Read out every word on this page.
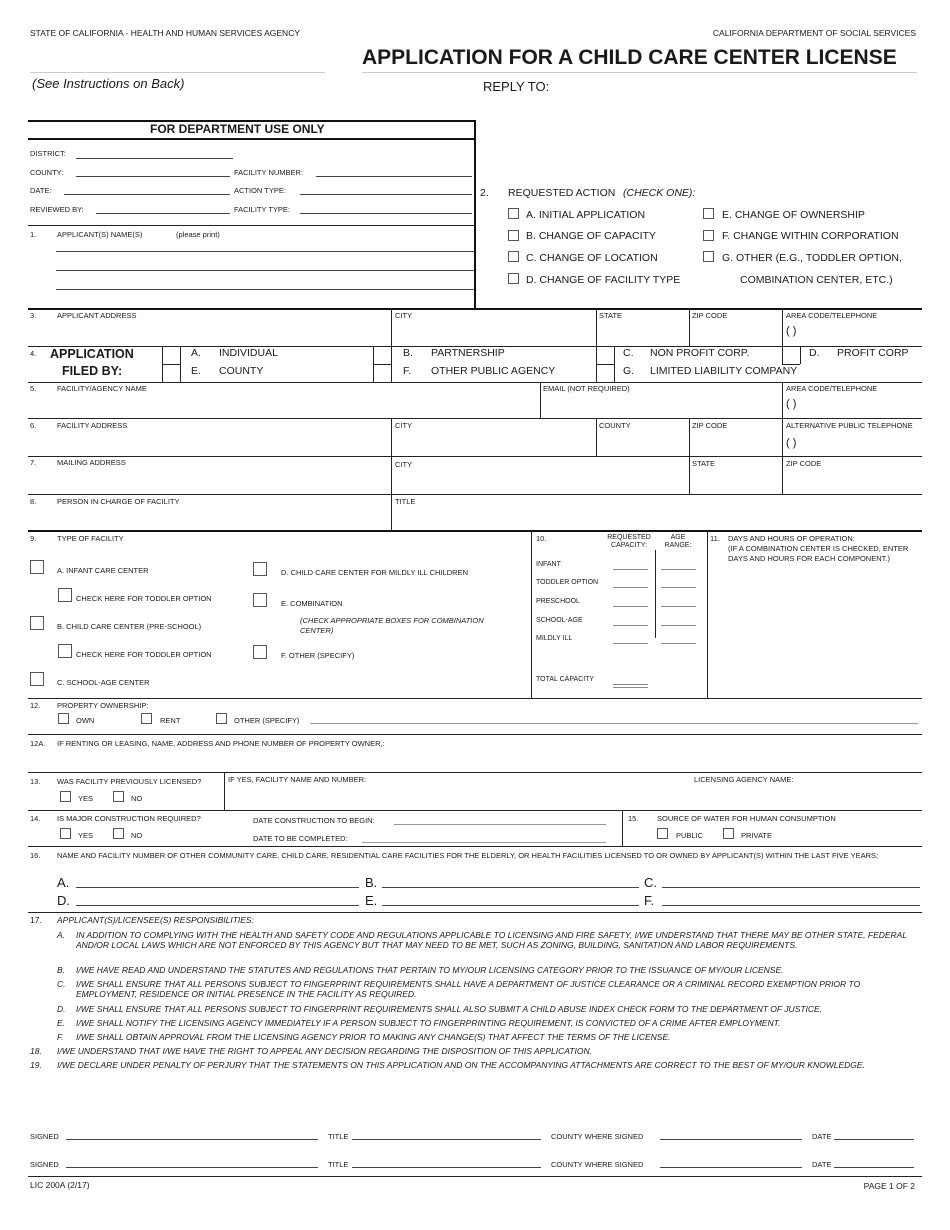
STATE OF CALIFORNIA - HEALTH AND HUMAN SERVICES AGENCY	CALIFORNIA DEPARTMENT OF SOCIAL SERVICES
APPLICATION FOR A CHILD CARE CENTER LICENSE
(See Instructions on Back)	REPLY TO:
FOR DEPARTMENT USE ONLY
DISTRICT:
COUNTY:	FACILITY NUMBER:
DATE:	ACTION TYPE:
REVIEWED BY:	FACILITY TYPE:
1.	APPLICANT(S) NAME(S)	(please print)
2. REQUESTED ACTION (CHECK ONE):
A. INITIAL APPLICATION
B. CHANGE OF CAPACITY
C. CHANGE OF LOCATION
D. CHANGE OF FACILITY TYPE
E. CHANGE OF OWNERSHIP
F. CHANGE WITHIN CORPORATION
G. OTHER (E.G., TODDLER OPTION,
COMBINATION CENTER, ETC.)
3.	APPLICANT ADDRESS	CITY	STATE	ZIP CODE	AREA CODE/TELEPHONE
( )
4. APPLICATION
FILED BY:
A. INDIVIDUAL
E. COUNTY
B. PARTNERSHIP
F. OTHER PUBLIC AGENCY
C. NON PROFIT CORP.
G. LIMITED LIABILITY COMPANY
D. PROFIT CORP
5.	FACILITY/AGENCY NAME	EMAIL (NOT REQUIRED)	AREA CODE/TELEPHONE
( )
6.	FACILITY ADDRESS	CITY	COUNTY	ZIP CODE	ALTERNATIVE PUBLIC TELEPHONE
( )
7.	MAILING ADDRESS	CITY	STATE	ZIP CODE
8.	PERSON IN CHARGE OF FACILITY	TITLE
9.	TYPE OF FACILITY
A. INFANT CARE CENTER
CHECK HERE FOR TODDLER OPTION
B. CHILD CARE CENTER (PRE-SCHOOL)
CHECK HERE FOR TODDLER OPTION
C. SCHOOL-AGE CENTER
D. CHILD CARE CENTER FOR MILDLY ILL CHILDREN
E. COMBINATION
(CHECK APPROPRIATE BOXES FOR COMBINATION CENTER)
F. OTHER (SPECIFY)
10.	REQUESTED CAPACITY:
AGE RANGE:
INFANT
TODDLER OPTION
PRESCHOOL
SCHOOL-AGE
MILDLY ILL
TOTAL CAPACITY
11. DAYS AND HOURS OF OPERATION:
(IF A COMBINATION CENTER IS CHECKED, ENTER DAYS AND HOURS FOR EACH COMPONENT.)
12. PROPERTY OWNERSHIP:
OWN	RENT	OTHER (SPECIFY)
12A. IF RENTING OR LEASING, NAME, ADDRESS AND PHONE NUMBER OF PROPERTY OWNER,:
13. WAS FACILITY PREVIOUSLY LICENSED?
YES	NO
IF YES, FACILITY NAME AND NUMBER:	LICENSING AGENCY NAME:
14. IS MAJOR CONSTRUCTION REQUIRED?
YES	NO
DATE CONSTRUCTION TO BEGIN:
DATE TO BE COMPLETED:
15. SOURCE OF WATER FOR HUMAN CONSUMPTION
PUBLIC	PRIVATE
16. NAME AND FACILITY NUMBER OF OTHER COMMUNITY CARE, CHILD CARE, RESIDENTIAL CARE FACILITIES FOR THE ELDERLY, OR HEALTH FACILITIES LICENSED TO OR OWNED BY APPLICANT(S) WITHIN THE LAST FIVE YEARS;
A.	B.	C.
D.	E.	F.
17. APPLICANT(S)/LICENSEE(S) RESPONSIBILITIES:
A. IN ADDITION TO COMPLYING WITH THE HEALTH AND SAFETY CODE AND REGULATIONS APPLICABLE TO LICENSING AND FIRE SAFETY, I/WE UNDERSTAND THAT THERE MAY BE OTHER STATE, FEDERAL AND/OR LOCAL LAWS WHICH ARE NOT ENFORCED BY THIS AGENCY BUT THAT MAY NEED TO BE MET, SUCH AS ZONING, BUILDING, SANITATION AND LABOR REQUIREMENTS.
B. I/WE HAVE READ AND UNDERSTAND THE STATUTES AND REGULATIONS THAT PERTAIN TO MY/OUR LICENSING CATEGORY PRIOR TO THE ISSUANCE OF MY/OUR LICENSE.
C. I/WE SHALL ENSURE THAT ALL PERSONS SUBJECT TO FINGERPRINT REQUIREMENTS SHALL HAVE A DEPARTMENT OF JUSTICE CLEARANCE OR A CRIMINAL RECORD EXEMPTION PRIOR TO EMPLOYMENT, RESIDENCE OR INITIAL PRESENCE IN THE FACILITY AS REQUIRED.
D. I/WE SHALL ENSURE THAT ALL PERSONS SUBJECT TO FINGERPRINT REQUIREMENTS SHALL ALSO SUBMIT A CHILD ABUSE INDEX CHECK FORM TO THE DEPARTMENT OF JUSTICE.
E. I/WE SHALL NOTIFY THE LICENSING AGENCY IMMEDIATELY IF A PERSON SUBJECT TO FINGERPRINTING REQUIREMENT, IS CONVICTED OF A CRIME AFTER EMPLOYMENT.
F. I/WE SHALL OBTAIN APPROVAL FROM THE LICENSING AGENCY PRIOR TO MAKING ANY CHANGE(S) THAT AFFECT THE TERMS OF THE LICENSE.
18. I/WE UNDERSTAND THAT I/WE HAVE THE RIGHT TO APPEAL ANY DECISION REGARDING THE DISPOSITION OF THIS APPLICATION.
19. I/WE DECLARE UNDER PENALTY OF PERJURY THAT THE STATEMENTS ON THIS APPLICATION AND ON THE ACCOMPANYING ATTACHMENTS ARE CORRECT TO THE BEST OF MY/OUR KNOWLEDGE.
SIGNED	TITLE	COUNTY WHERE SIGNED	DATE
SIGNED	TITLE	COUNTY WHERE SIGNED	DATE
LIC 200A (2/17)	PAGE 1 OF 2
